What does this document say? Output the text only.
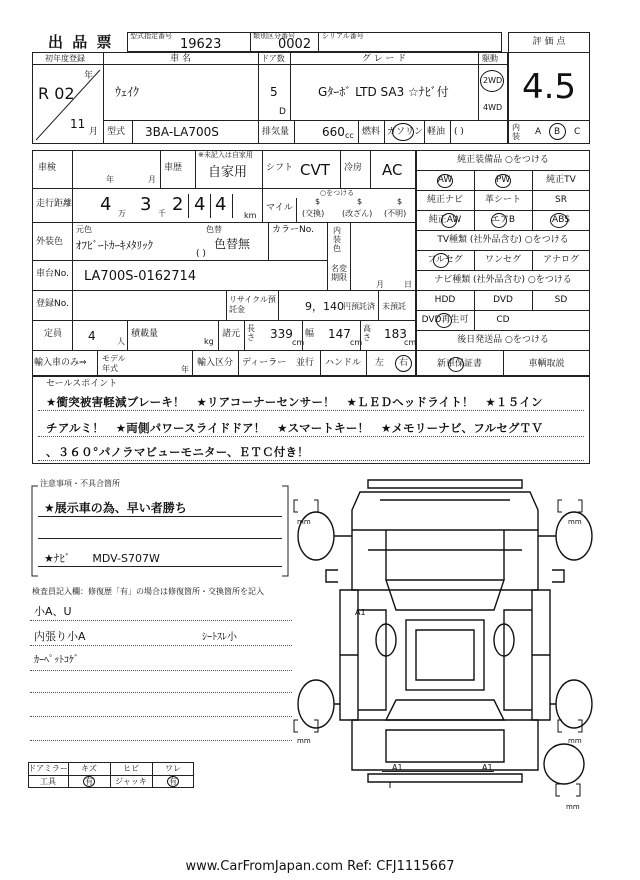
出 品 票 型式指定番号
19623
類別区分番号
0002
シリアル番号
評 価 点
4.5
内装	A B C
初年度登録
年
R 02
11
月
車 名
ｳｪｲｸ
ドア数
5
D
グ レ ー ド
Gﾀｰﾎﾞ LTD SA3 ☆ﾅﾋﾞ付
駆動
2WD
4WD
型式 3BA-LA700S	排気量	660 cc 燃料 ガソリン 軽油 ( )
車検
年	月
車歴
※未記入は自家用
自家用 シフト CVT 冷房 AC
走行距離 4 万 3 千 2 4 4
km
○をつける
マイル
$
(交換)
$
(改ざん)
$
(不明)
外装色
元色
ｵﾌﾋﾞｰﾄｶｰｷﾒﾀﾘｯｸ
色替
色替無
( )
カラーNo. 内装色
車台No. LA700S-0162714
名変期限
月	日
登録No.	リサイクル預託金	9，140 円預託済 未預託
定員 4	人
積載量
kg
諸元
長さ 339
cm
幅 147
cm
高さ 183
cm
輸入車のみ⇒ モデル年式	年
輸入区分 ディーラー 並行 ハンドル 左 右
純正装備品 ○をつける
AW	PW	純正TV
純正ナビ	革シート	SR
純正AW	エアB	ABS
TV種類 (社外品含む) ○をつける
フルセグ	ワンセグ	アナログ
ナビ種類 (社外品含む) ○をつける
HDD	DVD	SD
DVD再生可	CD
後日発送品 ○をつける
新車保証書	車輌取説
セールスポイント
★衝突被害軽減ブレーキ！　★リアコーナーセンサー！　★ＬＥＤヘッドライト！　★１５イン
チアルミ！　★両側パワースライドドア！　★スマートキー！　★メモリーナビ、フルセグＴＶ
、３６０°パノラマビューモニター、ＥＴＣ付き！
注意事項・不具合箇所
★展示車の為、早い者勝ち
★ﾅﾋﾞ　　MDV-S707W
検査員記入欄：修復歴「有」の場合は修復箇所・交換箇所を記入
小A、U
内張り小A	ｼｰﾄｽﾚ小
ｶｰﾍﾟｯﾄｺｹﾞ
ドアミラー	キズ	ヒビ	ワレ
工具	有	ジャッキ	有
A1
A1	A1
mm	mm
mm	mm
mm
www.CarFromJapan.com Ref: CFJ1115667
